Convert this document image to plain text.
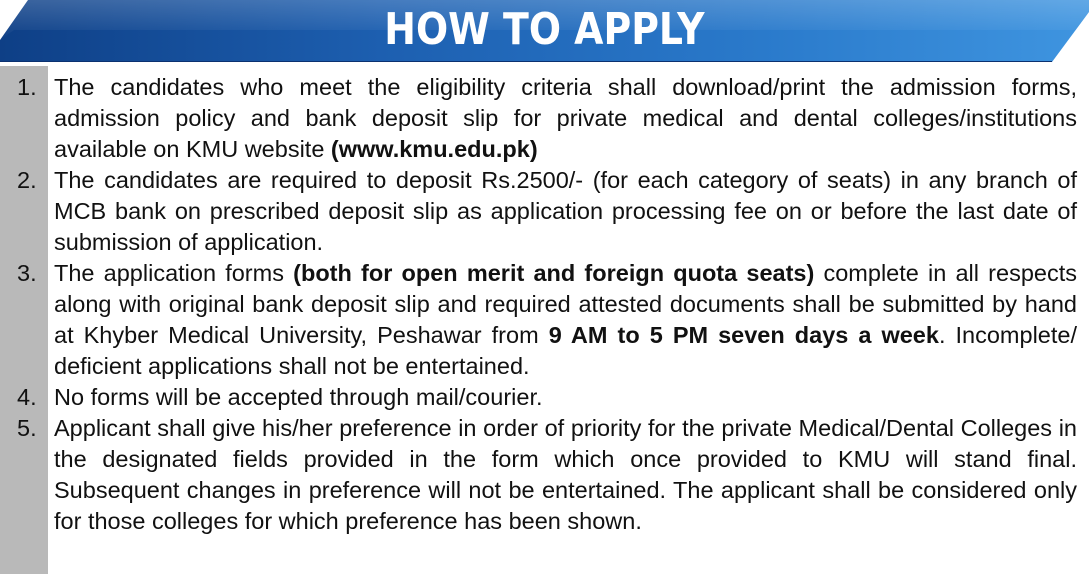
HOW TO APPLY
1. The candidates who meet the eligibility criteria shall download/print the admission forms, admission policy and bank deposit slip for private medical and dental colleges/institutions available on KMU website (www.kmu.edu.pk)
2. The candidates are required to deposit Rs.2500/- (for each category of seats) in any branch of MCB bank on prescribed deposit slip as application processing fee on or before the last date of submission of application.
3. The application forms (both for open merit and foreign quota seats) complete in all respects along with original bank deposit slip and required attested documents shall be submitted by hand at Khyber Medical University, Peshawar from 9 AM to 5 PM seven days a week. Incomplete/ deficient applications shall not be entertained.
4. No forms will be accepted through mail/courier.
5. Applicant shall give his/her preference in order of priority for the private Medical/Dental Colleges in the designated fields provided in the form which once provided to KMU will stand final. Subsequent changes in preference will not be entertained. The applicant shall be considered only for those colleges for which preference has been shown.
